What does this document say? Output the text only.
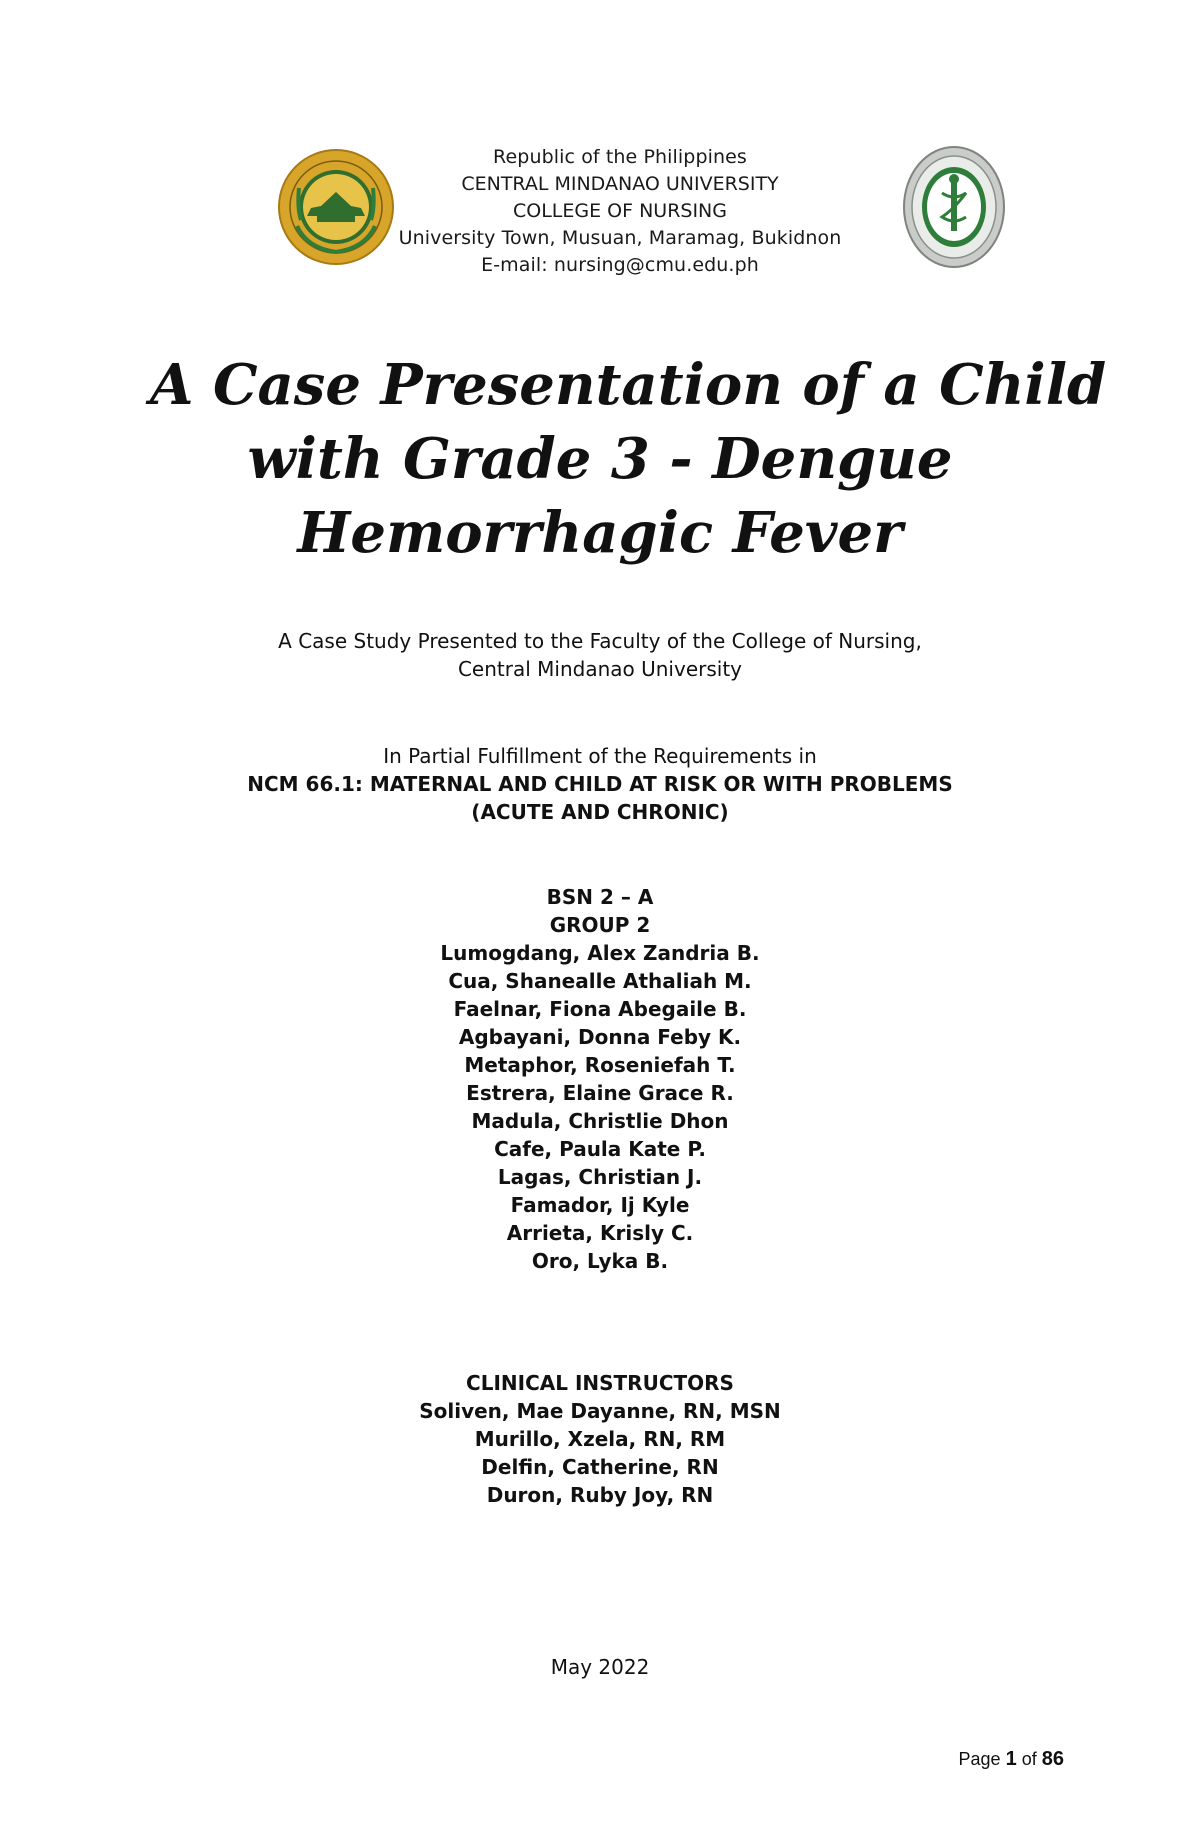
Republic of the Philippines
CENTRAL MINDANAO UNIVERSITY
COLLEGE OF NURSING
University Town, Musuan, Maramag, Bukidnon
E-mail: nursing@cmu.edu.ph
A Case Presentation of a Child
with Grade 3 - Dengue
Hemorrhagic Fever
A Case Study Presented to the Faculty of the College of Nursing,
Central Mindanao University
In Partial Fulfillment of the Requirements in
NCM 66.1: MATERNAL AND CHILD AT RISK OR WITH PROBLEMS
(ACUTE AND CHRONIC)
BSN 2 – A
GROUP 2
Lumogdang, Alex Zandria B.
Cua, Shanealle Athaliah M.
Faelnar, Fiona Abegaile B.
Agbayani, Donna Feby K.
Metaphor, Roseniefah T.
Estrera, Elaine Grace R.
Madula, Christlie Dhon
Cafe, Paula Kate P.
Lagas, Christian J.
Famador, Ij Kyle
Arrieta, Krisly C.
Oro, Lyka B.
CLINICAL INSTRUCTORS
Soliven, Mae Dayanne, RN, MSN
Murillo, Xzela, RN, RM
Delfin, Catherine, RN
Duron, Ruby Joy, RN
May 2022
Page 1 of 86
